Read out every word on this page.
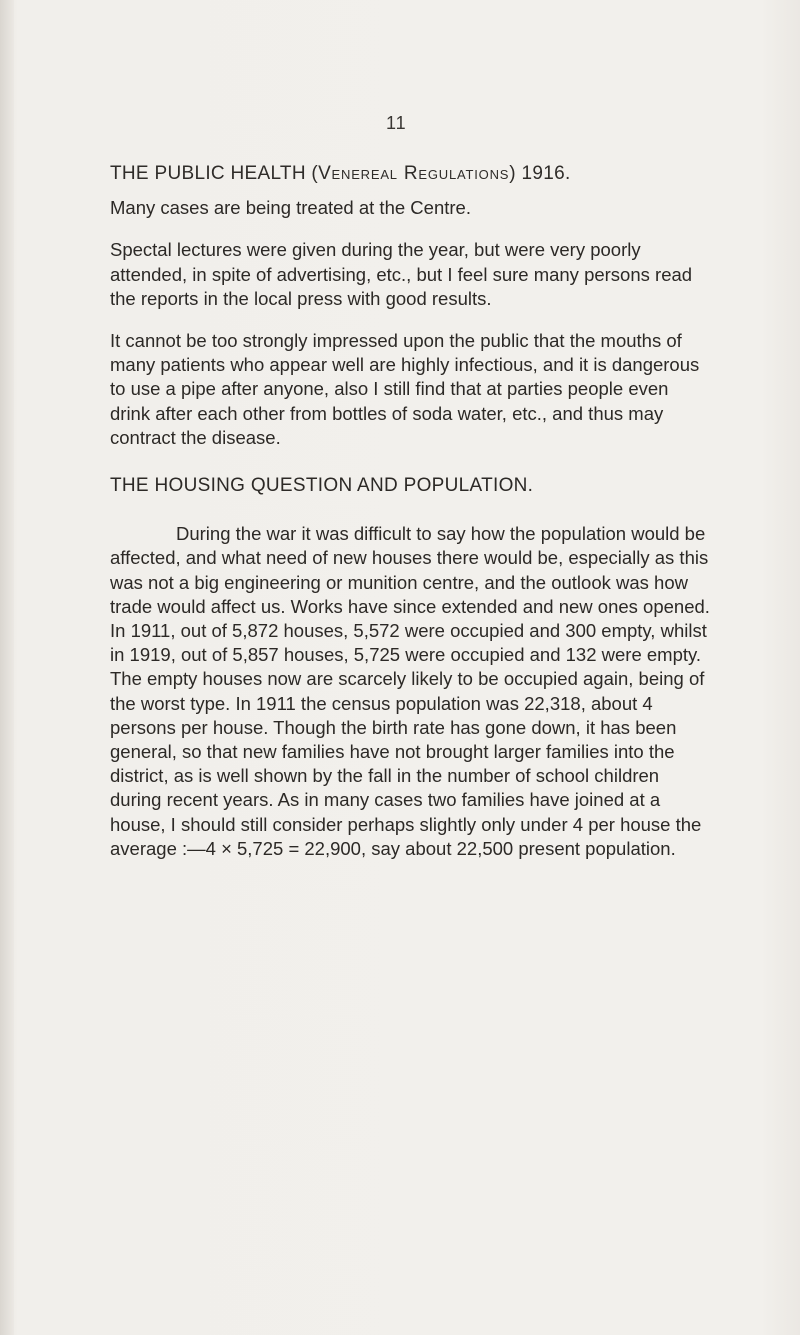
11
THE PUBLIC HEALTH (Venereal Regulations) 1916.

Many cases are being treated at the Centre.

Spectal lectures were given during the year, but were very poorly attended, in spite of advertising, etc., but I feel sure many persons read the reports in the local press with good results.

It cannot be too strongly impressed upon the public that the mouths of many patients who appear well are highly infectious, and it is dangerous to use a pipe after anyone, also I still find that at parties people even drink after each other from bottles of soda water, etc., and thus may contract the disease.

THE HOUSING QUESTION AND POPULATION.

During the war it was difficult to say how the population would be affected, and what need of new houses there would be, especially as this was not a big engineering or munition centre, and the outlook was how trade would affect us. Works have since extended and new ones opened. In 1911, out of 5,872 houses, 5,572 were occupied and 300 empty, whilst in 1919, out of 5,857 houses, 5,725 were occupied and 132 were empty. The empty houses now are scarcely likely to be occupied again, being of the worst type. In 1911 the census population was 22,318, about 4 persons per house. Though the birth rate has gone down, it has been general, so that new families have not brought larger families into the district, as is well shown by the fall in the number of school children during recent years. As in many cases two families have joined at a house, I should still consider perhaps slightly only under 4 per house the average :—4 × 5,725 = 22,900, say about 22,500 present population.
